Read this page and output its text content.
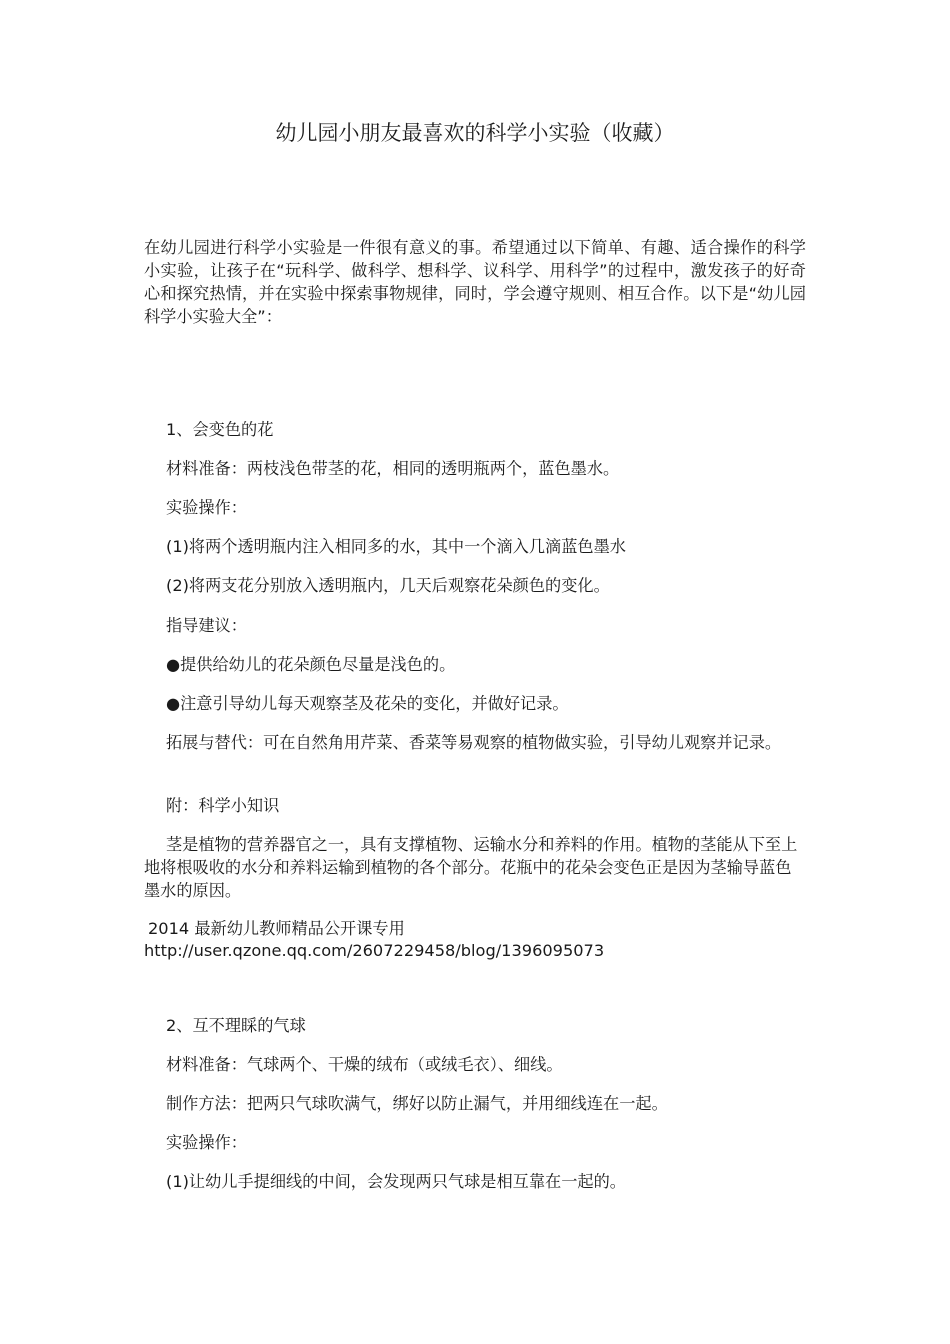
幼儿园小朋友最喜欢的科学小实验（收藏）

在幼儿园进行科学小实验是一件很有意义的事。希望通过以下简单、有趣、适合操作的科学小实验，让孩子在“玩科学、做科学、想科学、议科学、用科学”的过程中，激发孩子的好奇心和探究热情，并在实验中探索事物规律，同时，学会遵守规则、相互合作。以下是“幼儿园科学小实验大全”：

1、会变色的花

材料准备：两枝浅色带茎的花，相同的透明瓶两个，蓝色墨水。

实验操作：

(1)将两个透明瓶内注入相同多的水，其中一个滴入几滴蓝色墨水

(2)将两支花分别放入透明瓶内，几天后观察花朵颜色的变化。

指导建议：

●提供给幼儿的花朵颜色尽量是浅色的。

●注意引导幼儿每天观察茎及花朵的变化，并做好记录。

拓展与替代：可在自然角用芹菜、香菜等易观察的植物做实验，引导幼儿观察并记录。

附：科学小知识

茎是植物的营养器官之一，具有支撑植物、运输水分和养料的作用。植物的茎能从下至上地将根吸收的水分和养料运输到植物的各个部分。花瓶中的花朵会变色正是因为茎输导蓝色墨水的原因。

2014 最新幼儿教师精品公开课专用
http://user.qzone.qq.com/2607229458/blog/1396095073

2、互不理睬的气球

材料准备：气球两个、干燥的绒布（或绒毛衣）、细线。

制作方法：把两只气球吹满气，绑好以防止漏气，并用细线连在一起。

实验操作：

(1)让幼儿手提细线的中间，会发现两只气球是相互靠在一起的。
